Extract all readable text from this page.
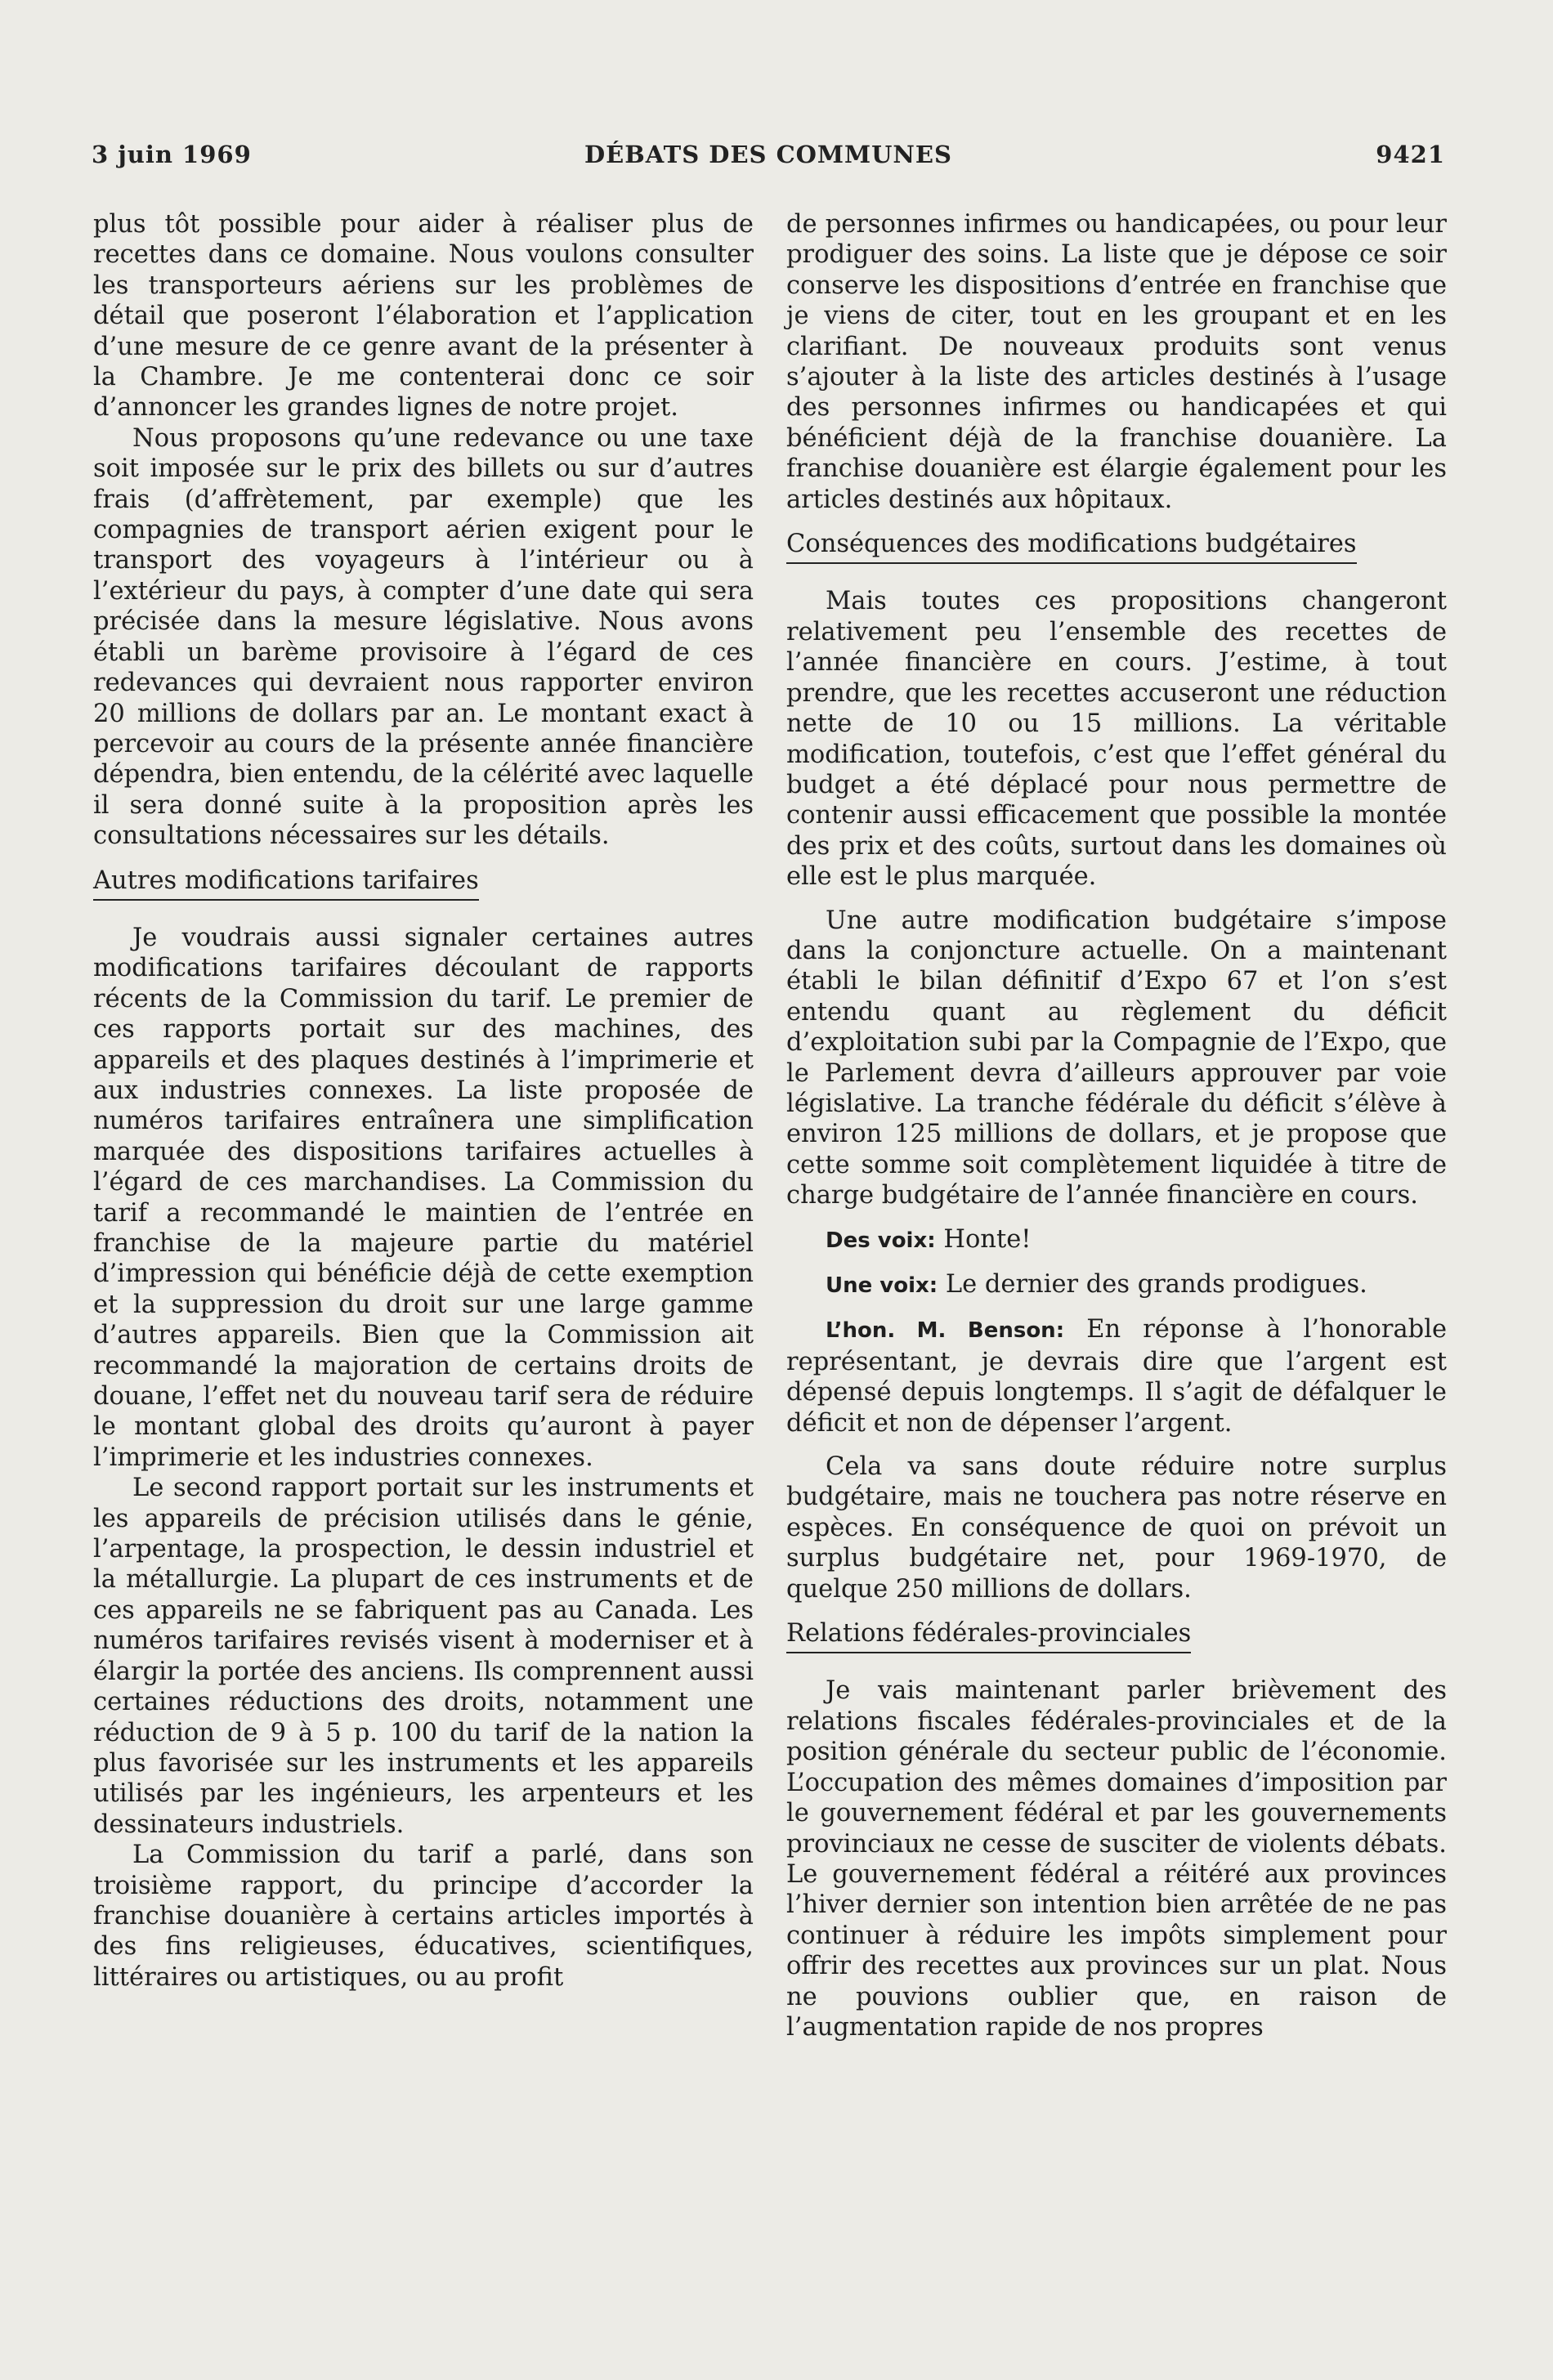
3 juin 1969	DÉBATS DES COMMUNES	9421

plus tôt possible pour aider à réaliser plus de recettes dans ce domaine. Nous voulons consulter les transporteurs aériens sur les problèmes de détail que poseront l’élaboration et l’application d’une mesure de ce genre avant de la présenter à la Chambre. Je me contenterai donc ce soir d’annoncer les grandes lignes de notre projet.

Nous proposons qu’une redevance ou une taxe soit imposée sur le prix des billets ou sur d’autres frais (d’affrètement, par exemple) que les compagnies de transport aérien exigent pour le transport des voyageurs à l’intérieur ou à l’extérieur du pays, à compter d’une date qui sera précisée dans la mesure législative. Nous avons établi un barème provisoire à l’égard de ces redevances qui devraient nous rapporter environ 20 millions de dollars par an. Le montant exact à percevoir au cours de la présente année financière dépendra, bien entendu, de la célérité avec laquelle il sera donné suite à la proposition après les consultations nécessaires sur les détails.

Autres modifications tarifaires

Je voudrais aussi signaler certaines autres modifications tarifaires découlant de rapports récents de la Commission du tarif. Le premier de ces rapports portait sur des machines, des appareils et des plaques destinés à l’imprimerie et aux industries connexes. La liste proposée de numéros tarifaires entraînera une simplification marquée des dispositions tarifaires actuelles à l’égard de ces marchandises. La Commission du tarif a recommandé le maintien de l’entrée en franchise de la majeure partie du matériel d’impression qui bénéficie déjà de cette exemption et la suppression du droit sur une large gamme d’autres appareils. Bien que la Commission ait recommandé la majoration de certains droits de douane, l’effet net du nouveau tarif sera de réduire le montant global des droits qu’auront à payer l’imprimerie et les industries connexes.

Le second rapport portait sur les instruments et les appareils de précision utilisés dans le génie, l’arpentage, la prospection, le dessin industriel et la métallurgie. La plupart de ces instruments et de ces appareils ne se fabriquent pas au Canada. Les numéros tarifaires revisés visent à moderniser et à élargir la portée des anciens. Ils comprennent aussi certaines réductions des droits, notamment une réduction de 9 à 5 p. 100 du tarif de la nation la plus favorisée sur les instruments et les appareils utilisés par les ingénieurs, les arpenteurs et les dessinateurs industriels.

La Commission du tarif a parlé, dans son troisième rapport, du principe d’accorder la franchise douanière à certains articles importés à des fins religieuses, éducatives, scientifiques, littéraires ou artistiques, ou au profit

de personnes infirmes ou handicapées, ou pour leur prodiguer des soins. La liste que je dépose ce soir conserve les dispositions d’entrée en franchise que je viens de citer, tout en les groupant et en les clarifiant. De nouveaux produits sont venus s’ajouter à la liste des articles destinés à l’usage des personnes infirmes ou handicapées et qui bénéficient déjà de la franchise douanière. La franchise douanière est élargie également pour les articles destinés aux hôpitaux.

Conséquences des modifications budgétaires

Mais toutes ces propositions changeront relativement peu l’ensemble des recettes de l’année financière en cours. J’estime, à tout prendre, que les recettes accuseront une réduction nette de 10 ou 15 millions. La véritable modification, toutefois, c’est que l’effet général du budget a été déplacé pour nous permettre de contenir aussi efficacement que possible la montée des prix et des coûts, surtout dans les domaines où elle est le plus marquée.

Une autre modification budgétaire s’impose dans la conjoncture actuelle. On a maintenant établi le bilan définitif d’Expo 67 et l’on s’est entendu quant au règlement du déficit d’exploitation subi par la Compagnie de l’Expo, que le Parlement devra d’ailleurs approuver par voie législative. La tranche fédérale du déficit s’élève à environ 125 millions de dollars, et je propose que cette somme soit complètement liquidée à titre de charge budgétaire de l’année financière en cours.

Des voix: Honte!

Une voix: Le dernier des grands prodigues.

L’hon. M. Benson: En réponse à l’honorable représentant, je devrais dire que l’argent est dépensé depuis longtemps. Il s’agit de défalquer le déficit et non de dépenser l’argent.

Cela va sans doute réduire notre surplus budgétaire, mais ne touchera pas notre réserve en espèces. En conséquence de quoi on prévoit un surplus budgétaire net, pour 1969-1970, de quelque 250 millions de dollars.

Relations fédérales-provinciales

Je vais maintenant parler brièvement des relations fiscales fédérales-provinciales et de la position générale du secteur public de l’économie. L’occupation des mêmes domaines d’imposition par le gouvernement fédéral et par les gouvernements provinciaux ne cesse de susciter de violents débats. Le gouvernement fédéral a réitéré aux provinces l’hiver dernier son intention bien arrêtée de ne pas continuer à réduire les impôts simplement pour offrir des recettes aux provinces sur un plat. Nous ne pouvions oublier que, en raison de l’augmentation rapide de nos propres
